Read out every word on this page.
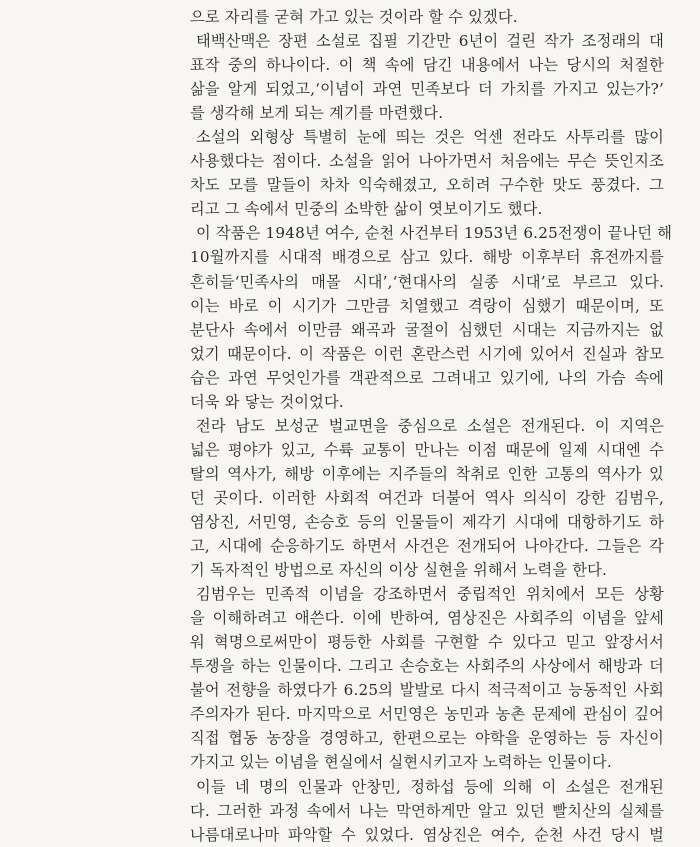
으로 자리를 굳혀 가고 있는 것이라 할 수 있겠다.
태백산맥은 장편 소설로 집필 기간만 6년이 걸린 작가 조정래의 대
표작 중의 하나이다. 이 책 속에 담긴 내용에서 나는 당시의 처절한
삶을 알게 되었고,‘이념이 과연 민족보다 더 가치를 가지고 있는가?’
를 생각해 보게 되는 계기를 마련했다.
소설의 외형상 특별히 눈에 띄는 것은 억센 전라도 사투리를 많이
사용했다는 점이다. 소설을 읽어 나아가면서 처음에는 무슨 뜻인지조
차도 모를 말들이 차차 익숙해졌고, 오히려 구수한 맛도 풍겼다. 그
리고 그 속에서 민중의 소박한 삶이 엿보이기도 했다.
이 작품은 1948년 여수, 순천 사건부터 1953년 6.25전쟁이 끝나던 해
10월까지를 시대적 배경으로 삼고 있다. 해방 이후부터 휴전까지를
흔히들‘민족사의 매몰 시대’,‘현대사의 실종 시대’로 부르고 있다.
이는 바로 이 시기가 그만큼 치열했고 격랑이 심했기 때문이며, 또
분단사 속에서 이만큼 왜곡과 굴절이 심했던 시대는 지금까지는 없
었기 때문이다. 이 작품은 이런 혼란스런 시기에 있어서 진실과 참모
습은 과연 무엇인가를 객관적으로 그려내고 있기에, 나의 가슴 속에
더욱 와 닿는 것이었다.
전라 남도 보성군 벌교면을 중심으로 소설은 전개된다. 이 지역은
넓은 평야가 있고, 수륙 교통이 만나는 이점 때문에 일제 시대엔 수
탈의 역사가, 해방 이후에는 지주들의 착취로 인한 고통의 역사가 있
던 곳이다. 이러한 사회적 여건과 더불어 역사 의식이 강한 김범우,
염상진, 서민영, 손승호 등의 인물들이 제각기 시대에 대항하기도 하
고, 시대에 순응하기도 하면서 사건은 전개되어 나아간다. 그들은 각
기 독자적인 방법으로 자신의 이상 실현을 위해서 노력을 한다.
김범우는 민족적 이념을 강조하면서 중립적인 위치에서 모든 상황
을 이해하려고 애쓴다. 이에 반하여, 염상진은 사회주의 이념을 앞세
워 혁명으로써만이 평등한 사회를 구현할 수 있다고 믿고 앞장서서
투쟁을 하는 인물이다. 그리고 손승호는 사회주의 사상에서 해방과 더
불어 전향을 하였다가 6.25의 발발로 다시 적극적이고 능동적인 사회
주의자가 된다. 마지막으로 서민영은 농민과 농촌 문제에 관심이 깊어
직접 협동 농장을 경영하고, 한편으로는 야학을 운영하는 등 자신이
가지고 있는 이념을 현실에서 실현시키고자 노력하는 인물이다.
이들 네 명의 인물과 안창민, 정하섭 등에 의해 이 소설은 전개된
다. 그러한 과정 속에서 나는 막연하게만 알고 있던 빨치산의 실체를
나름대로나마 파악할 수 있었다. 염상진은 여수, 순천 사건 당시 벌
